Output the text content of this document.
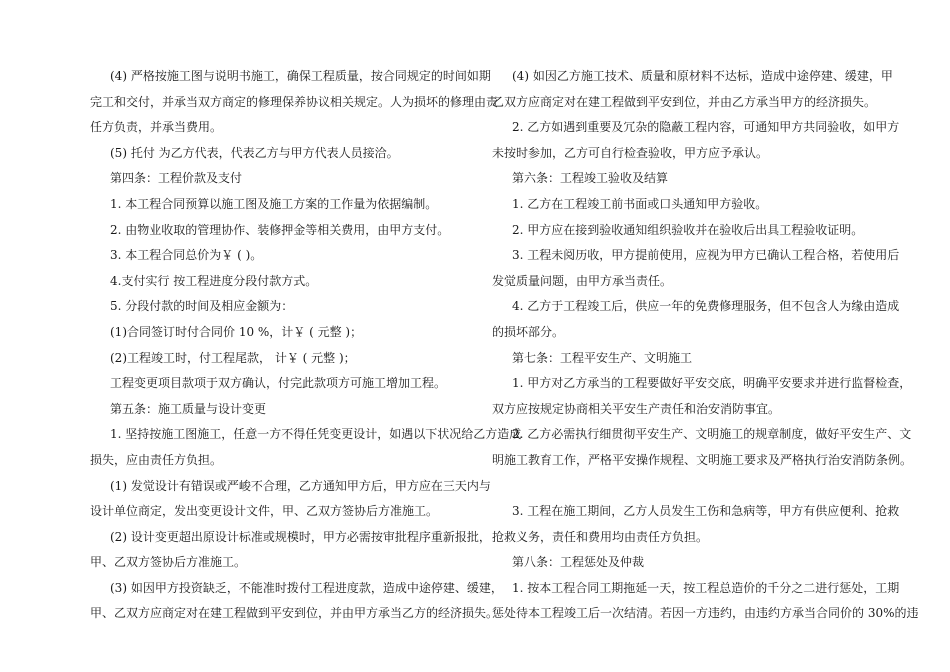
(4) 严格按施工图与说明书施工，确保工程质量，按合同规定的时间如期
完工和交付，并承当双方商定的修理保养协议相关规定。人为损坏的修理由责
任方负责，并承当费用。
(5) 托付 为乙方代表，代表乙方与甲方代表人员接洽。
第四条：工程价款及支付
1. 本工程合同预算以施工图及施工方案的工作量为依据编制。
2. 由物业收取的管理协作、装修押金等相关费用，由甲方支付。
3. 本工程合同总价为￥ ( )。
4.支付实行 按工程进度分段付款方式。
5. 分段付款的时间及相应金额为：
(1)合同签订时付合同价 10 %，计￥ ( 元整 )；
(2)工程竣工时，付工程尾款， 计￥ ( 元整 )；
工程变更项目款项于双方确认，付完此款项方可施工增加工程。
第五条：施工质量与设计变更
1. 坚持按施工图施工，任意一方不得任凭变更设计，如遇以下状况给乙方造成
损失，应由责任方负担。
(1) 发觉设计有错误或严峻不合理，乙方通知甲方后，甲方应在三天内与
设计单位商定，发出变更设计文件，甲、乙双方签协后方准施工。
(2) 设计变更超出原设计标准或规模时，甲方必需按审批程序重新报批，
甲、乙双方签协后方准施工。
(3) 如因甲方投资缺乏，不能准时拨付工程进度款，造成中途停建、缓建，
甲、乙双方应商定对在建工程做到平安到位，并由甲方承当乙方的经济损失。
(4) 如因乙方施工技术、质量和原材料不达标，造成中途停建、缓建，甲
乙双方应商定对在建工程做到平安到位，并由乙方承当甲方的经济损失。
2. 乙方如遇到重要及冗杂的隐蔽工程内容，可通知甲方共同验收，如甲方
未按时参加，乙方可自行检查验收，甲方应予承认。
第六条：工程竣工验收及结算
1. 乙方在工程竣工前书面或口头通知甲方验收。
2. 甲方应在接到验收通知组织验收并在验收后出具工程验收证明。
3. 工程未阅历收，甲方提前使用，应视为甲方已确认工程合格，若使用后
发觉质量问题，由甲方承当责任。
4. 乙方于工程竣工后，供应一年的免费修理服务，但不包含人为缘由造成
的损坏部分。
第七条：工程平安生产、文明施工
1. 甲方对乙方承当的工程要做好平安交底，明确平安要求并进行监督检查，
双方应按规定协商相关平安生产责任和治安消防事宜。
2. 乙方必需执行细贯彻平安生产、文明施工的规章制度，做好平安生产、文
明施工教育工作，严格平安操作规程、文明施工要求及严格执行治安消防条例。
3. 工程在施工期间，乙方人员发生工伤和急病等，甲方有供应便利、抢救
抢救义务，责任和费用均由责任方负担。
第八条：工程惩处及仲裁
1. 按本工程合同工期拖延一天，按工程总造价的千分之二进行惩处，工期
惩处待本工程竣工后一次结清。若因一方违约，由违约方承当合同价的 30%的违
